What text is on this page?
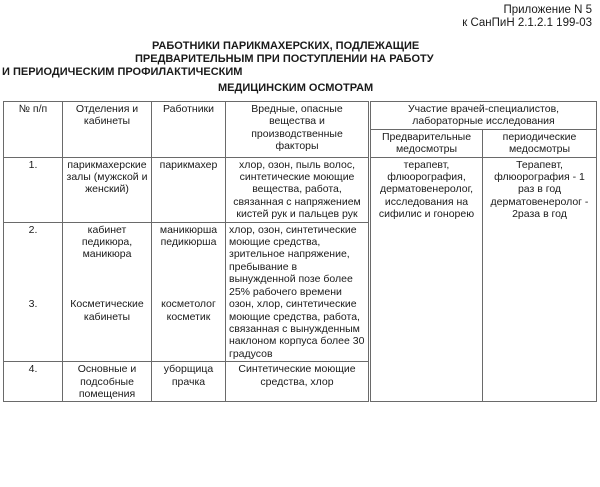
Приложение N 5
к СанПиН 2.1.2.1 199-03
РАБОТНИКИ ПАРИКМАХЕРСКИХ, ПОДЛЕЖАЩИЕ
ПРЕДВАРИТЕЛЬНЫМ ПРИ ПОСТУПЛЕНИИ НА РАБОТУ
И ПЕРИОДИЧЕСКИМ ПРОФИЛАКТИЧЕСКИМ
МЕДИЦИНСКИМ ОСМОТРАМ
№ п/п	Отделения и кабинеты	Работники	Вредные, опасные вещества и производственные факторы	Участие врачей-специалистов, лабораторные исследования	
				Предварительные медосмотры	периодические медосмотры
1.	парикмахерские залы (мужской и женский)	парикмахер	хлор, озон, пыль волос, синтетические моющие вещества, работа, связанная с напряжением кистей рук и пальцев рук	терапевт, флюорография, дерматовенеролог, исследования на сифилис и гонорею	Терапевт, флюорография - 1 раз в год дерматовенеролог - 2раза в год
2.	кабинет педикюра, маникюра	маникюрша педикюрша	хлор, озон, синтетические моющие средства, зрительное напряжение, пребывание в вынужденной позе более 25% рабочего времени		
3.	Косметические кабинеты	косметолог косметик	озон, хлор, синтетические моющие средства, работа, связанная с вынужденным наклоном корпуса более 30 градусов		
4.	Основные и подсобные помещения	уборщица прачка	Синтетические моющие средства, хлор		
